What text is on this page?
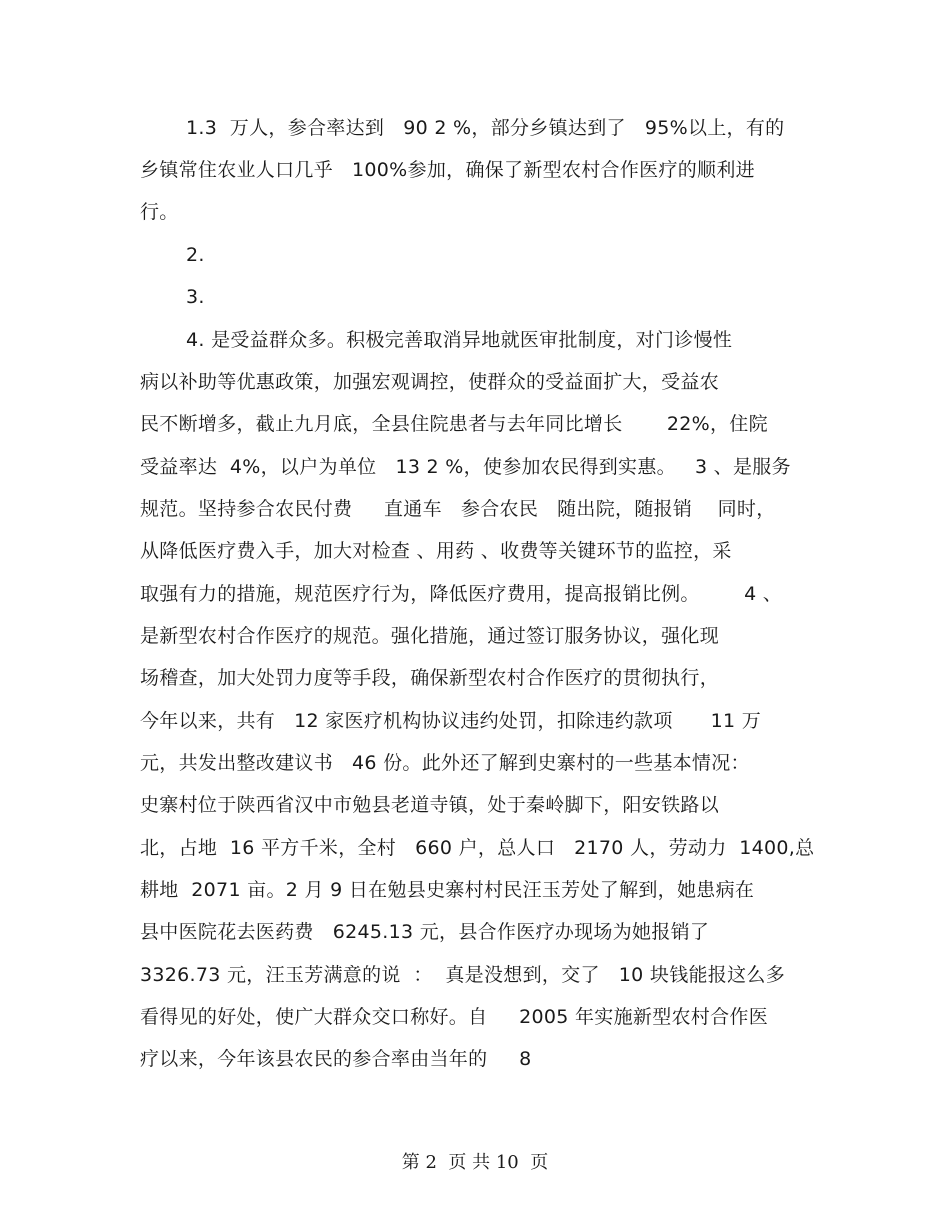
1.3  万人，参合率达到   90 2 %，部分乡镇达到了   95%以上，有的
乡镇常住农业人口几乎   100%参加，确保了新型农村合作医疗的顺利进
行。
2.
3.
4. 是受益群众多。积极完善取消异地就医审批制度，对门诊慢性
病以补助等优惠政策，加强宏观调控，使群众的受益面扩大，受益农
民不断增多，截止九月底，全县住院患者与去年同比增长       22%，住院
受益率达  4%，以户为单位   13 2 %，使参加农民得到实惠。   3 、是服务
规范。坚持参合农民付费     直通车   参合农民   随出院，随报销    同时，
从降低医疗费入手，加大对检查 、用药 、收费等关键环节的监控，采
取强有力的措施，规范医疗行为，降低医疗费用，提高报销比例。       4 、
是新型农村合作医疗的规范。强化措施，通过签订服务协议，强化现
场稽查，加大处罚力度等手段，确保新型农村合作医疗的贯彻执行，
今年以来，共有   12 家医疗机构协议违约处罚，扣除违约款项      11 万
元，共发出整改建议书   46 份。此外还了解到史寨村的一些基本情况：
史寨村位于陕西省汉中市勉县老道寺镇，处于秦岭脚下，阳安铁路以
北，占地  16 平方千米，全村   660 户，总人口   2170 人，劳动力  1400,总
耕地  2071 亩。2 月 9 日在勉县史寨村村民汪玉芳处了解到，她患病在
县中医院花去医药费   6245.13 元，县合作医疗办现场为她报销了
3326.73 元，汪玉芳满意的说  ：  真是没想到，交了   10 块钱能报这么多
看得见的好处，使广大群众交口称好。自     2005 年实施新型农村合作医
疗以来，今年该县农民的参合率由当年的     8
第 2  页 共 10  页
